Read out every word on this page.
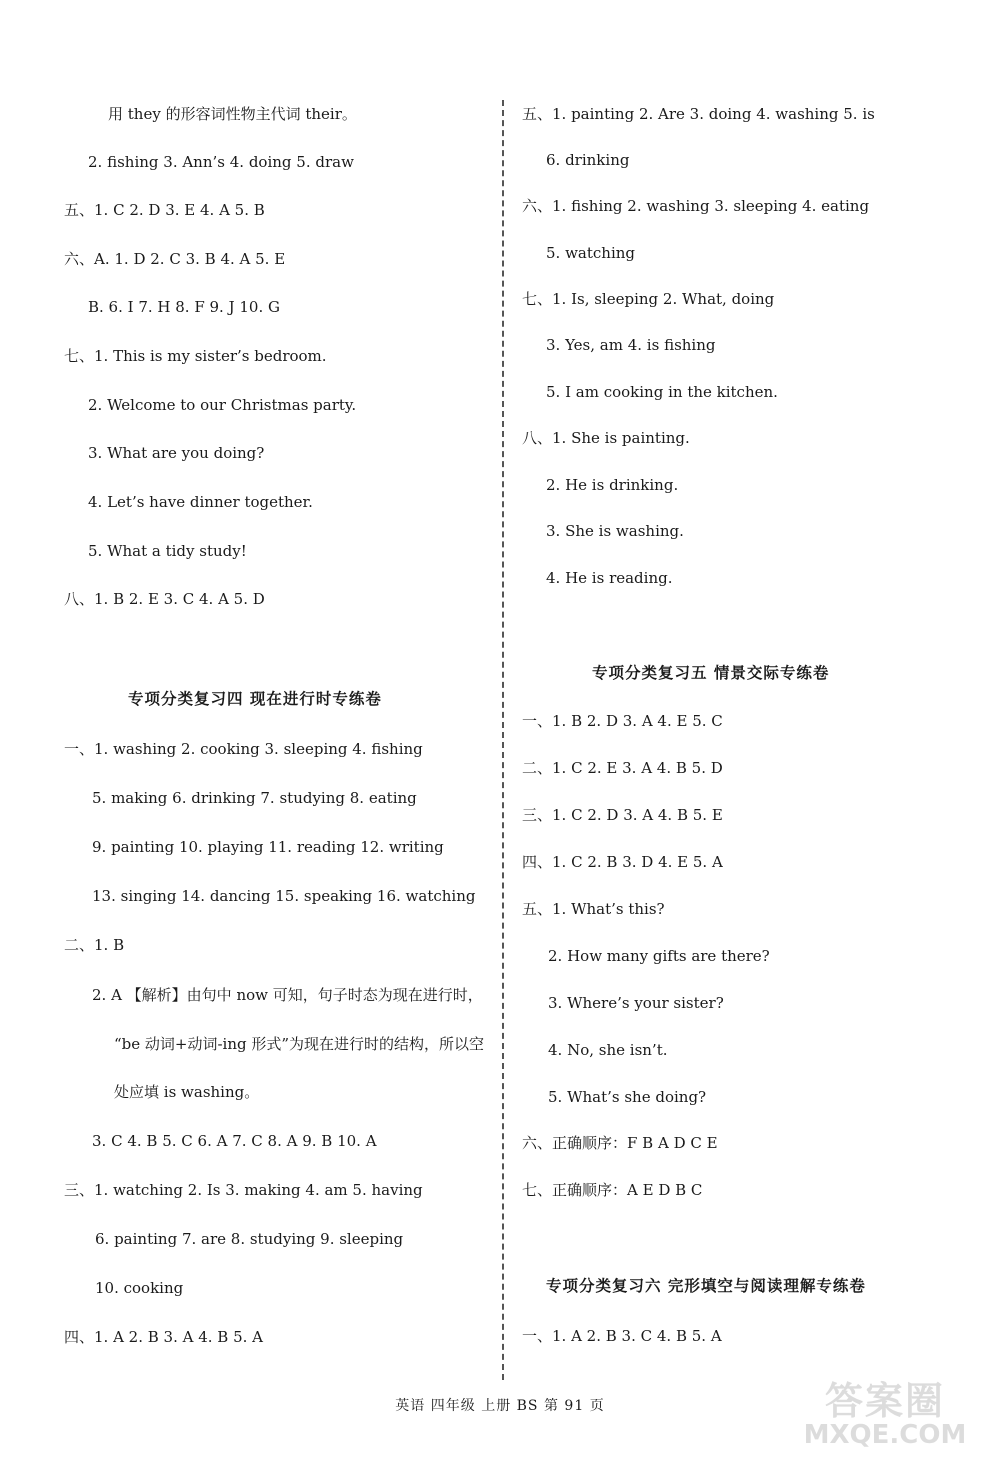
用 they 的形容词性物主代词 their。
2. fishing 3. Ann’s 4. doing 5. draw
五、1. C 2. D 3. E 4. A 5. B
六、A. 1. D 2. C 3. B 4. A 5. E
B. 6. I 7. H 8. F 9. J 10. G
七、1. This is my sister’s bedroom.
2. Welcome to our Christmas party.
3. What are you doing?
4. Let’s have dinner together.
5. What a tidy study!
八、1. B 2. E 3. C 4. A 5. D
专项分类复习四 现在进行时专练卷
一、1. washing 2. cooking 3. sleeping 4. fishing
5. making 6. drinking 7. studying 8. eating
9. painting 10. playing 11. reading 12. writing
13. singing 14. dancing 15. speaking 16. watching
二、1. B
2. A 【解析】由句中 now 可知，句子时态为现在进行时，
“be 动词+动词-ing 形式”为现在进行时的结构，所以空
处应填 is washing。
3. C 4. B 5. C 6. A 7. C 8. A 9. B 10. A
三、1. watching 2. Is 3. making 4. am 5. having
6. painting 7. are 8. studying 9. sleeping
10. cooking
四、1. A 2. B 3. A 4. B 5. A
五、1. painting 2. Are 3. doing 4. washing 5. is
6. drinking
六、1. fishing 2. washing 3. sleeping 4. eating
5. watching
七、1. Is, sleeping 2. What, doing
3. Yes, am 4. is fishing
5. I am cooking in the kitchen.
八、1. She is painting.
2. He is drinking.
3. She is washing.
4. He is reading.
专项分类复习五 情景交际专练卷
一、1. B 2. D 3. A 4. E 5. C
二、1. C 2. E 3. A 4. B 5. D
三、1. C 2. D 3. A 4. B 5. E
四、1. C 2. B 3. D 4. E 5. A
五、1. What’s this?
2. How many gifts are there?
3. Where’s your sister?
4. No, she isn’t.
5. What’s she doing?
六、正确顺序：F B A D C E
七、正确顺序：A E D B C
专项分类复习六 完形填空与阅读理解专练卷
一、1. A 2. B 3. C 4. B 5. A
英语 四年级 上册 BS 第 91 页	答案圈
MXQE.COM
